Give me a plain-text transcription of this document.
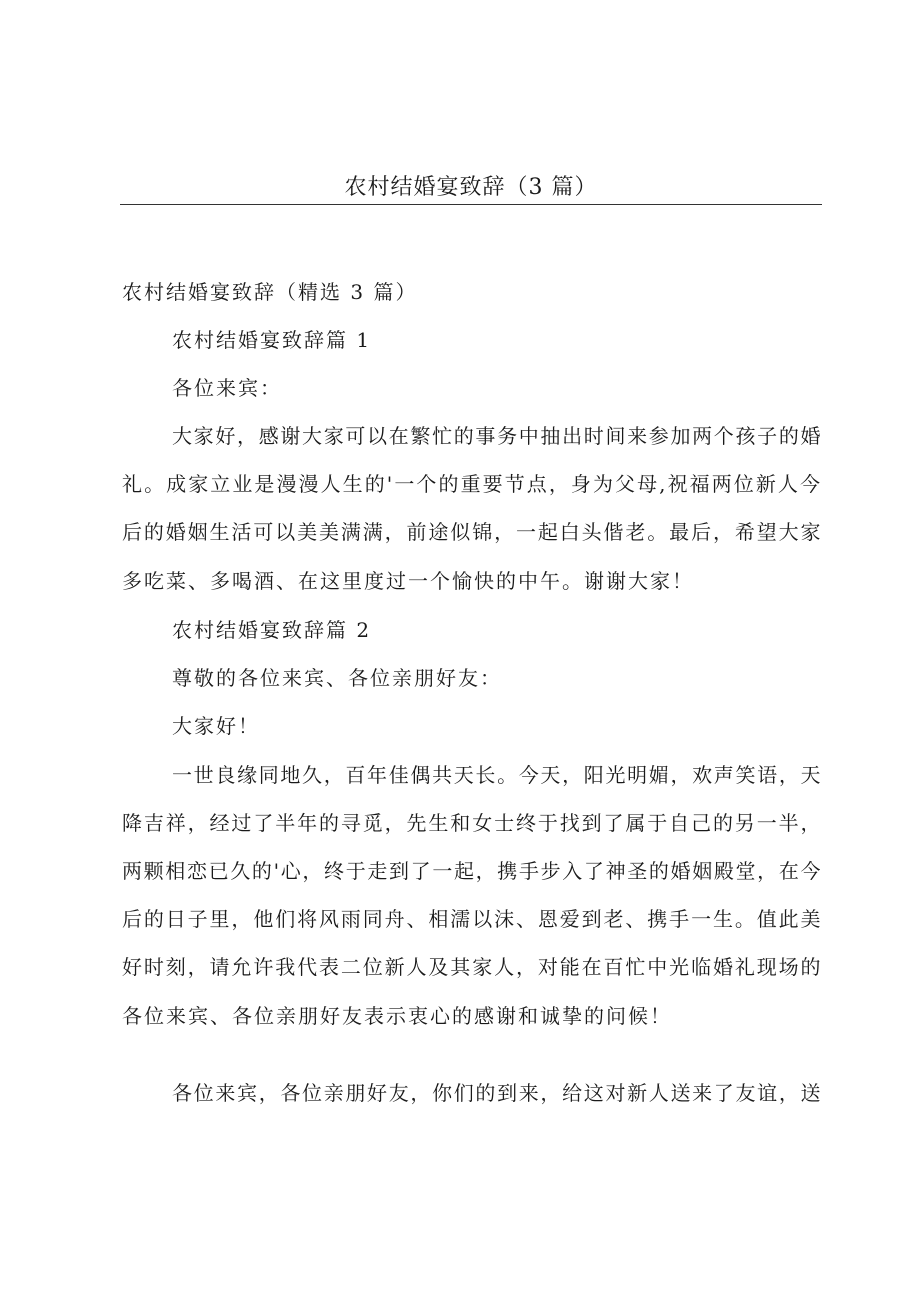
农村结婚宴致辞（3 篇）
农村结婚宴致辞（精选 3 篇）
农村结婚宴致辞篇 1
各位来宾：
大家好，感谢大家可以在繁忙的事务中抽出时间来参加两个孩子的婚
礼。成家立业是漫漫人生的'一个的重要节点，身为父母,祝福两位新人今
后的婚姻生活可以美美满满，前途似锦，一起白头偕老。最后，希望大家
多吃菜、多喝酒、在这里度过一个愉快的中午。谢谢大家！
农村结婚宴致辞篇 2
尊敬的各位来宾、各位亲朋好友：
大家好！
一世良缘同地久，百年佳偶共天长。今天，阳光明媚，欢声笑语，天
降吉祥，经过了半年的寻觅，先生和女士终于找到了属于自己的另一半，
两颗相恋已久的'心，终于走到了一起，携手步入了神圣的婚姻殿堂，在今
后的日子里，他们将风雨同舟、相濡以沫、恩爱到老、携手一生。值此美
好时刻，请允许我代表二位新人及其家人，对能在百忙中光临婚礼现场的
各位来宾、各位亲朋好友表示衷心的感谢和诚挚的问候！
各位来宾，各位亲朋好友，你们的到来，给这对新人送来了友谊，送
